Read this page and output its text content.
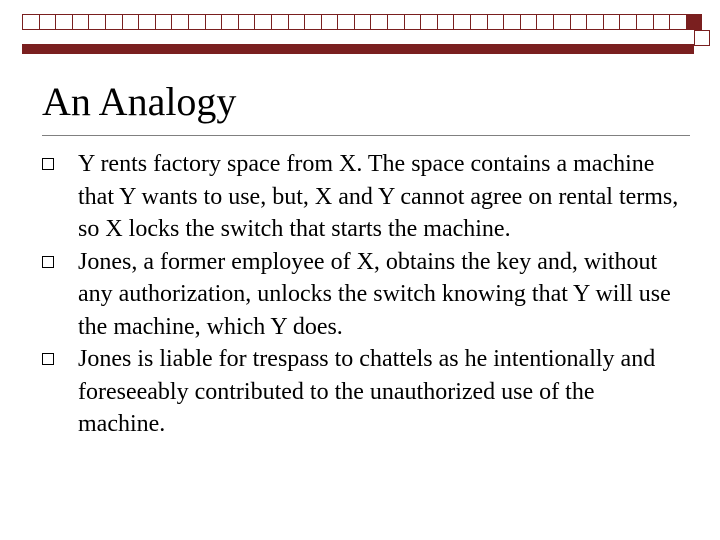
An Analogy
Y rents factory space from X. The space contains a machine that Y wants to use, but, X and Y cannot agree on rental terms, so X locks the switch that starts the machine.
Jones, a former employee of X, obtains the key and, without any authorization, unlocks the switch knowing that Y will use the machine, which Y does.
Jones is liable for trespass to chattels as he intentionally and foreseeably contributed to the unauthorized use of the machine.
